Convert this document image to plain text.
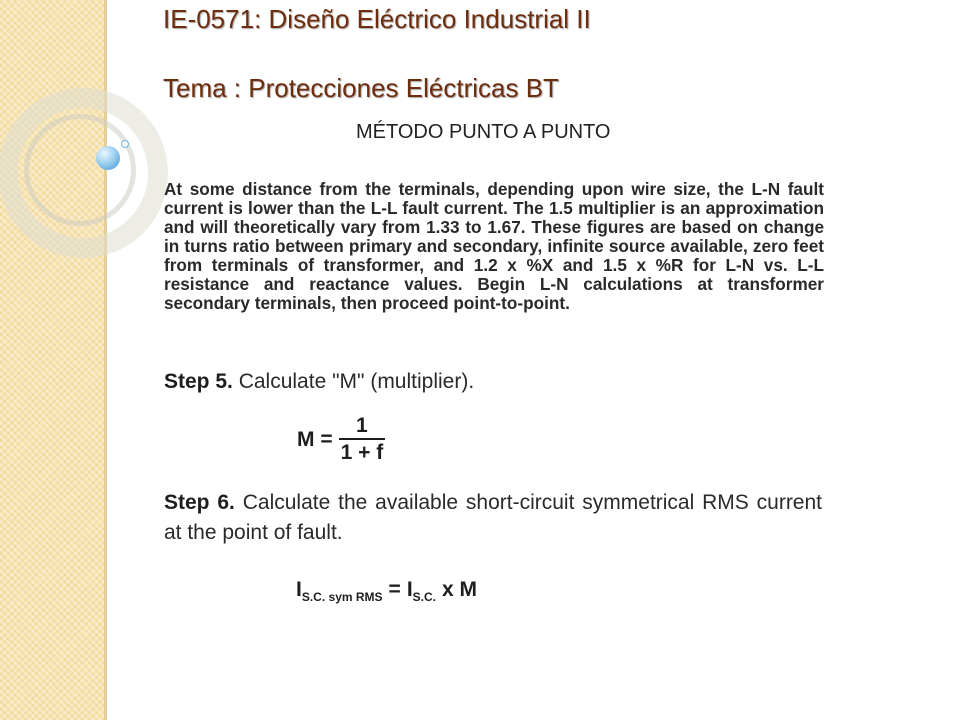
IE-0571: Diseño Eléctrico Industrial II
Tema : Protecciones Eléctricas BT
MÉTODO PUNTO A PUNTO

At some distance from the terminals, depending upon wire size, the L-N fault current is lower than the L-L fault current. The 1.5 multiplier is an approximation and will theoretically vary from 1.33 to 1.67. These figures are based on change in turns ratio between primary and secondary, infinite source available, zero feet from terminals of transformer, and 1.2 x %X and 1.5 x %R for L-N vs. L-L resistance and reactance values. Begin L-N calculations at transformer secondary terminals, then proceed point-to-point.

Step 5. Calculate "M" (multiplier).

$M = \frac{1}{1 + f}$

Step 6. Calculate the available short-circuit symmetrical RMS current at the point of fault.

$I_{S.C. sym RMS} = I_{S.C.}$ x M
